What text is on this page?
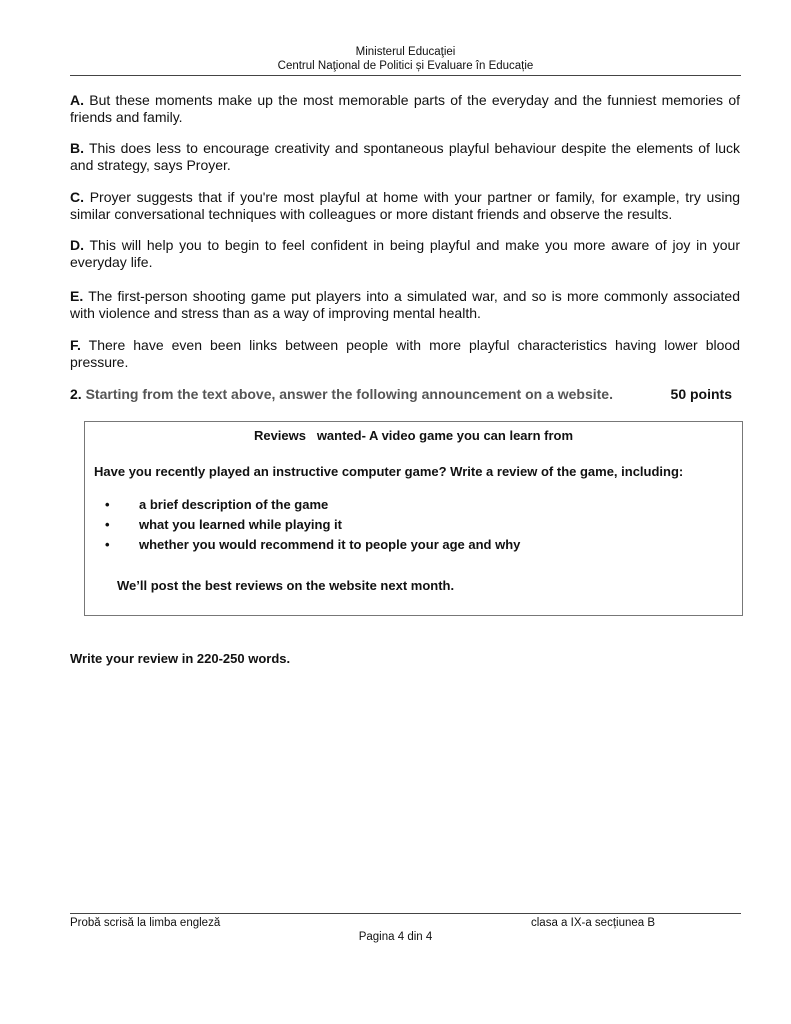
Ministerul Educaţiei
Centrul Naţional de Politici și Evaluare în Educație
A. But these moments make up the most memorable parts of the everyday and the funniest memories of friends and family.
B. This does less to encourage creativity and spontaneous playful behaviour despite the elements of luck and strategy, says Proyer.
C. Proyer suggests that if you're most playful at home with your partner or family, for example, try using similar conversational techniques with colleagues or more distant friends and observe the results.
D. This will help you to begin to feel confident in being playful and make you more aware of joy in your everyday life.
E. The first-person shooting game put players into a simulated war, and so is more commonly associated with violence and stress than as a way of improving mental health.
F. There have even been links between people with more playful characteristics having lower blood pressure.
2. Starting from the text above, answer the following announcement on a website.	50 points
Reviews   wanted- A video game you can learn from
Have you recently played an instructive computer game? Write a review of the game, including:
• a brief description of the game
• what you learned while playing it
• whether you would recommend it to people your age and why
We’ll post the best reviews on the website next month.
Write your review in 220-250 words.
Probă scrisă la limba engleză	clasa a IX-a secțiunea B
Pagina 4 din 4
